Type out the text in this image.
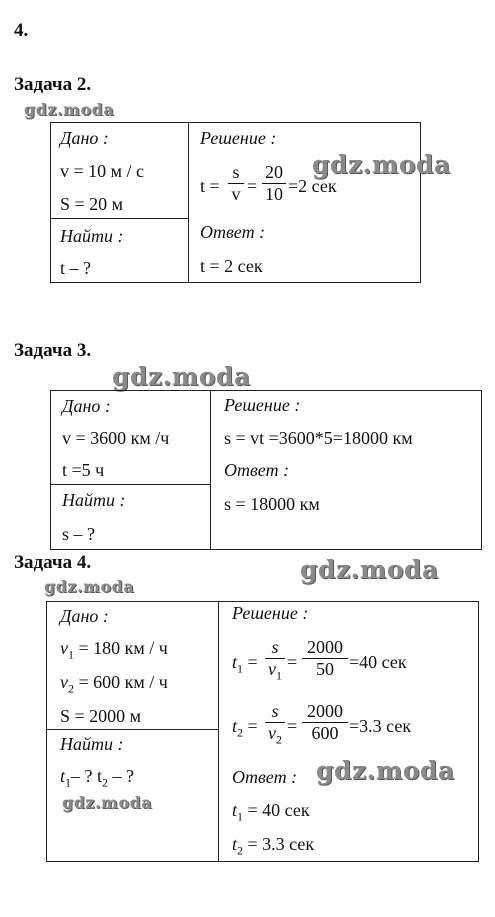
4.
Задача 2.
gdz.moda
Дано :
v = 10 м / с
S = 20 м
Найти :
t – ?
Решение :
$t = \frac{s}{v} = \frac{20}{10} =2$ сек
Ответ :
t = 2 сек
gdz.moda
Задача 3.
gdz.moda
Дано :
v = 3600 км /ч
t =5 ч
Найти :
s – ?
Решение :
s = vt =3600*5=18000 км
Ответ :
s = 18000 км
Задача 4.	gdz.moda
gdz.moda
Дано :
$v_1 = 180$ км / ч
$v_2 = 600$ км / ч
S = 2000 м
Найти :
$t_1-$ ? $t_2$ – ?
gdz.moda
Решение :
$t_1 = \frac{s}{v_1} = \frac{2000}{50} =40$ сек
$t_2 = \frac{s}{v_2} = \frac{2000}{600} =3.3$ сек
Ответ :
$t_1 = 40$ сек
$t_2 = 3.3$ сек
gdz.moda
